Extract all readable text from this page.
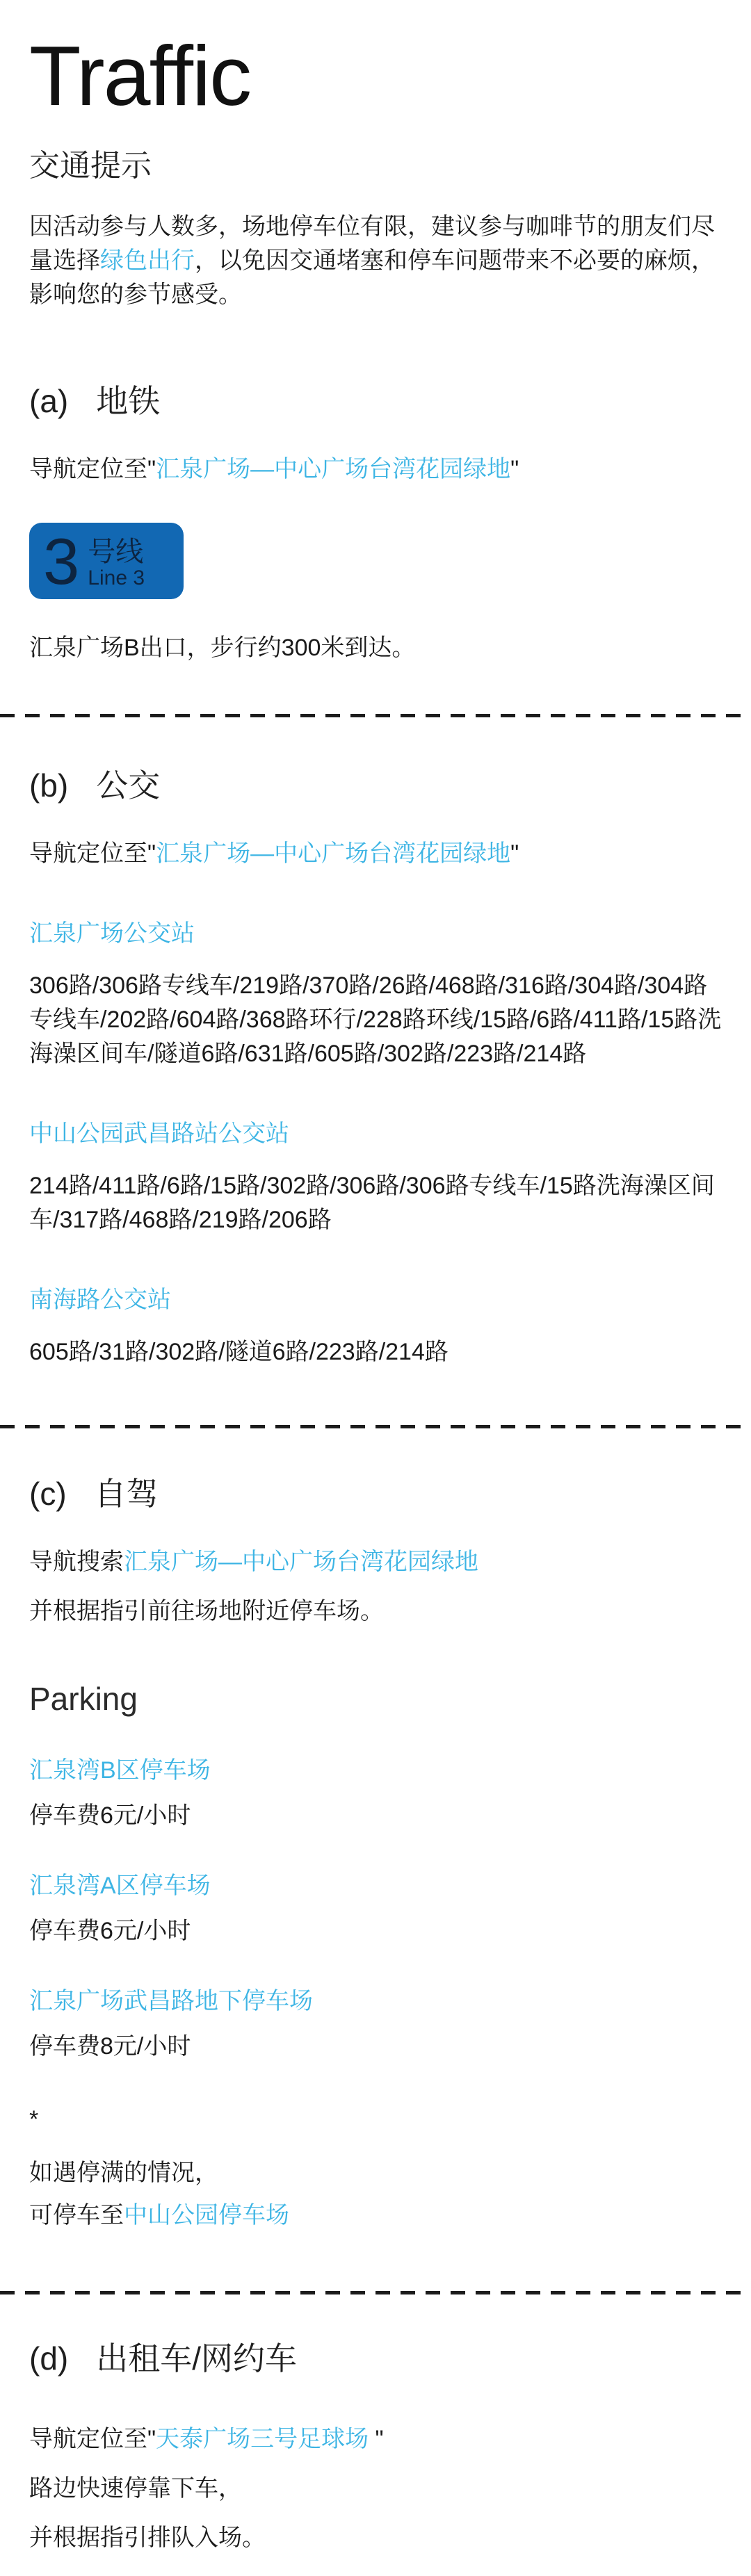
Traffic
交通提示

因活动参与人数多，场地停车位有限，建议参与咖啡节的朋友们尽量选择绿色出行，以免因交通堵塞和停车问题带来不必要的麻烦，影响您的参节感受。

(a) 地铁

导航定位至"汇泉广场—中心广场台湾花园绿地"

3 号线
Line 3

汇泉广场B出口，步行约300米到达。

(b) 公交

导航定位至"汇泉广场—中心广场台湾花园绿地"

汇泉广场公交站

306路/306路专线车/219路/370路/26路/468路/316路/304路/304路专线车/202路/604路/368路环行/228路环线/15路/6路/411路/15路洗海澡区间车/隧道6路/631路/605路/302路/223路/214路

中山公园武昌路站公交站

214路/411路/6路/15路/302路/306路/306路专线车/15路洗海澡区间车/317路/468路/219路/206路

南海路公交站

605路/31路/302路/隧道6路/223路/214路

(c) 自驾

导航搜索汇泉广场—中心广场台湾花园绿地

并根据指引前往场地附近停车场。

Parking

汇泉湾B区停车场

停车费6元/小时

汇泉湾A区停车场

停车费6元/小时

汇泉广场武昌路地下停车场

停车费8元/小时

*

如遇停满的情况，

可停车至中山公园停车场

(d) 出租车/网约车

导航定位至"天泰广场三号足球场 "

路边快速停靠下车，

并根据指引排队入场。
